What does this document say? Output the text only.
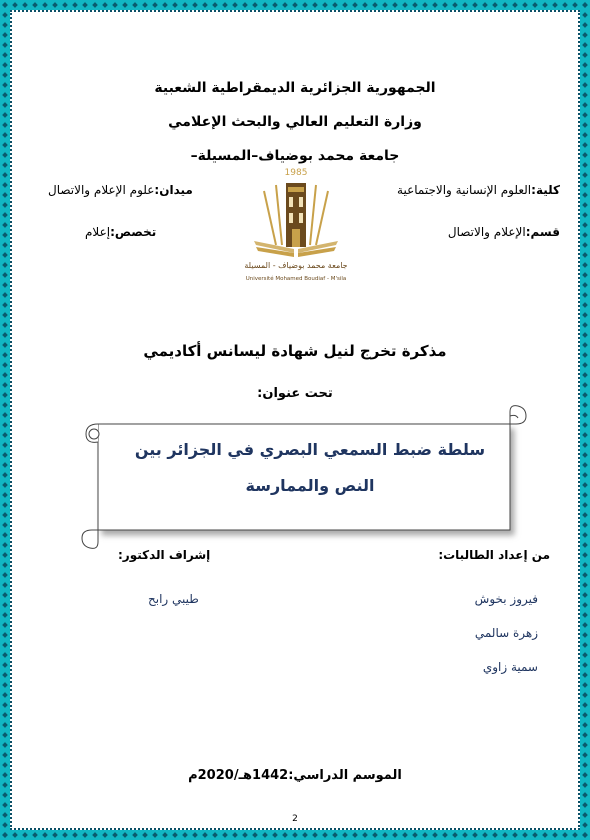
الجمهورية الجزائرية الديمقراطية الشعبية
وزارة التعليم العالي والبحث الإعلامي
جامعة محمد بوضياف–المسيلة–
كلية:العلوم الإنسانية والاجتماعية
ميدان:علوم الإعلام والاتصال
قسم:الإعلام والاتصال
تخصص:إعلام
1985
جامعة محمد بوضياف - المسيلة
Université Mohamed Boudiaf - M'sila
مذكرة تخرج لنيل شهادة ليسانس أكاديمي
تحت عنوان:
سلطة ضبط السمعي البصري في الجزائر بين النص والممارسة
من إعداد الطالبات:
إشراف الدكتور:
فيروز بخوش
زهرة سالمي
سمية زاوي
طيبي رابح
الموسم الدراسي:1442هـ/2020م
2
